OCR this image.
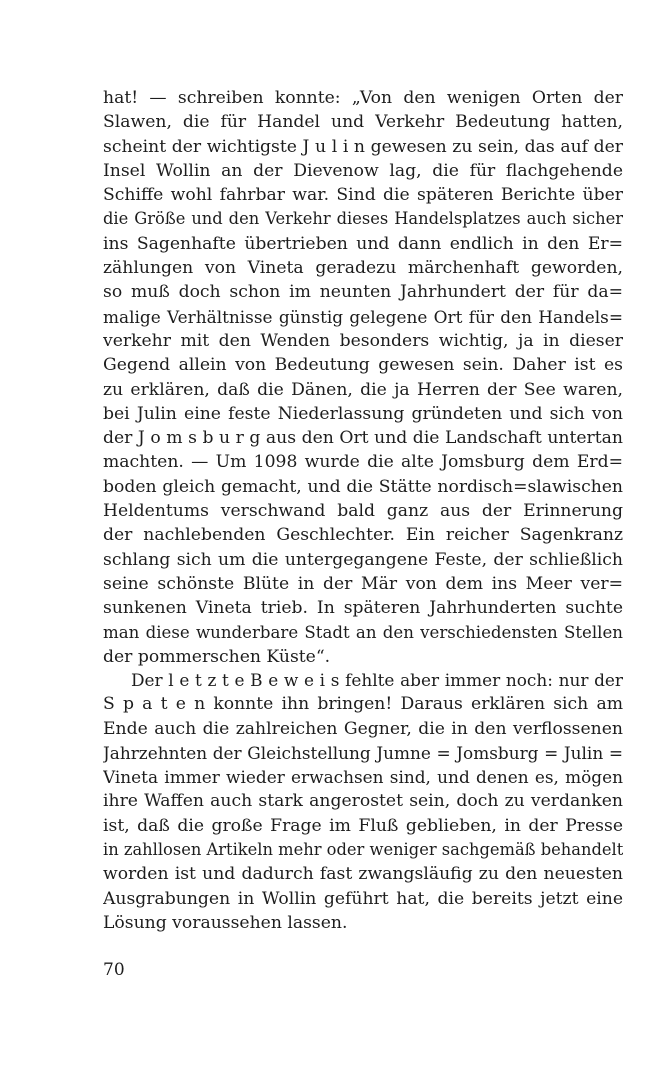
hat! — schreiben konnte: „Von den wenigen Orten der
Slawen, die für Handel und Verkehr Bedeutung hatten,
scheint der wichtigste J u l i n gewesen zu sein, das auf der
Insel Wollin an der Dievenow lag, die für flachgehende
Schiffe wohl fahrbar war. Sind die späteren Berichte über
die Größe und den Verkehr dieses Handelsplatzes auch sicher
ins Sagenhafte übertrieben und dann endlich in den Er=
zählungen von Vineta geradezu märchenhaft geworden,
so muß doch schon im neunten Jahrhundert der für da=
malige Verhältnisse günstig gelegene Ort für den Handels=
verkehr mit den Wenden besonders wichtig, ja in dieser
Gegend allein von Bedeutung gewesen sein. Daher ist es
zu erklären, daß die Dänen, die ja Herren der See waren,
bei Julin eine feste Niederlassung gründeten und sich von
der J o m s b u r g aus den Ort und die Landschaft untertan
machten. — Um 1098 wurde die alte Jomsburg dem Erd=
boden gleich gemacht, und die Stätte nordisch=slawischen
Heldentums verschwand bald ganz aus der Erinnerung
der nachlebenden Geschlechter. Ein reicher Sagenkranz
schlang sich um die untergegangene Feste, der schließlich
seine schönste Blüte in der Mär von dem ins Meer ver=
sunkenen Vineta trieb. In späteren Jahrhunderten suchte
man diese wunderbare Stadt an den verschiedensten Stellen
der pommerschen Küste“.
Der l e t z t e B e w e i s fehlte aber immer noch: nur der
S p a t e n konnte ihn bringen! Daraus erklären sich am
Ende auch die zahlreichen Gegner, die in den verflossenen
Jahrzehnten der Gleichstellung Jumne = Jomsburg = Julin =
Vineta immer wieder erwachsen sind, und denen es, mögen
ihre Waffen auch stark angerostet sein, doch zu verdanken
ist, daß die große Frage im Fluß geblieben, in der Presse
in zahllosen Artikeln mehr oder weniger sachgemäß behandelt
worden ist und dadurch fast zwangsläufig zu den neuesten
Ausgrabungen in Wollin geführt hat, die bereits jetzt eine
Lösung voraussehen lassen.
70
